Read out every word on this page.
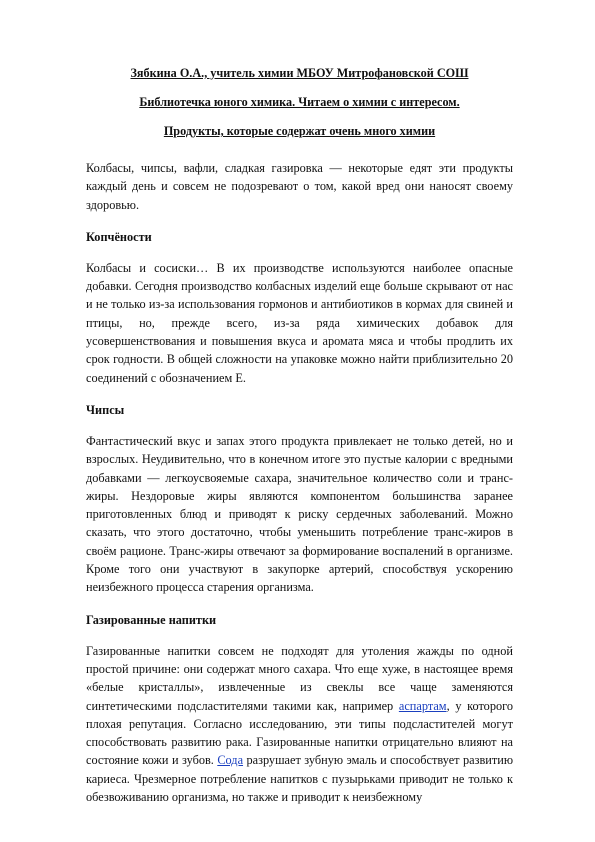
Зябкина О.А., учитель химии МБОУ Митрофановской СОШ

Библиотечка юного химика. Читаем о химии с интересом.

Продукты, которые содержат очень много химии

Колбасы, чипсы, вафли, сладкая газировка — некоторые едят эти продукты каждый день и совсем не подозревают о том, какой вред они наносят своему здоровью.

Копчёности

Колбасы и сосиски… В их производстве используются наиболее опасные добавки. Сегодня производство колбасных изделий еще больше скрывают от нас и не только из-за использования гормонов и антибиотиков в кормах для свиней и птицы, но, прежде всего, из-за ряда химических добавок для усовершенствования и повышения вкуса и аромата мяса и чтобы продлить их срок годности. В общей сложности на упаковке можно найти приблизительно 20 соединений с обозначением Е.

Чипсы

Фантастический вкус и запах этого продукта привлекает не только детей, но и взрослых. Неудивительно, что в конечном итоге это пустые калории с вредными добавками — легкоусвояемые сахара, значительное количество соли и транс-жиры. Нездоровые жиры являются компонентом большинства заранее приготовленных блюд и приводят к риску сердечных заболеваний. Можно сказать, что этого достаточно, чтобы уменьшить потребление транс-жиров в своём рационе. Транс-жиры отвечают за формирование воспалений в организме. Кроме того они участвуют в закупорке артерий, способствуя ускорению неизбежного процесса старения организма.

Газированные напитки

Газированные напитки совсем не подходят для утоления жажды по одной простой причине: они содержат много сахара. Что еще хуже, в настоящее время «белые кристаллы», извлеченные из свеклы все чаще заменяются синтетическими подсластителями такими как, например аспартам, у которого плохая репутация. Согласно исследованию, эти типы подсластителей могут способствовать развитию рака. Газированные напитки отрицательно влияют на состояние кожи и зубов. Сода разрушает зубную эмаль и способствует развитию кариеса. Чрезмерное потребление напитков с пузырьками приводит не только к обезвоживанию организма, но также и приводит к неизбежному
